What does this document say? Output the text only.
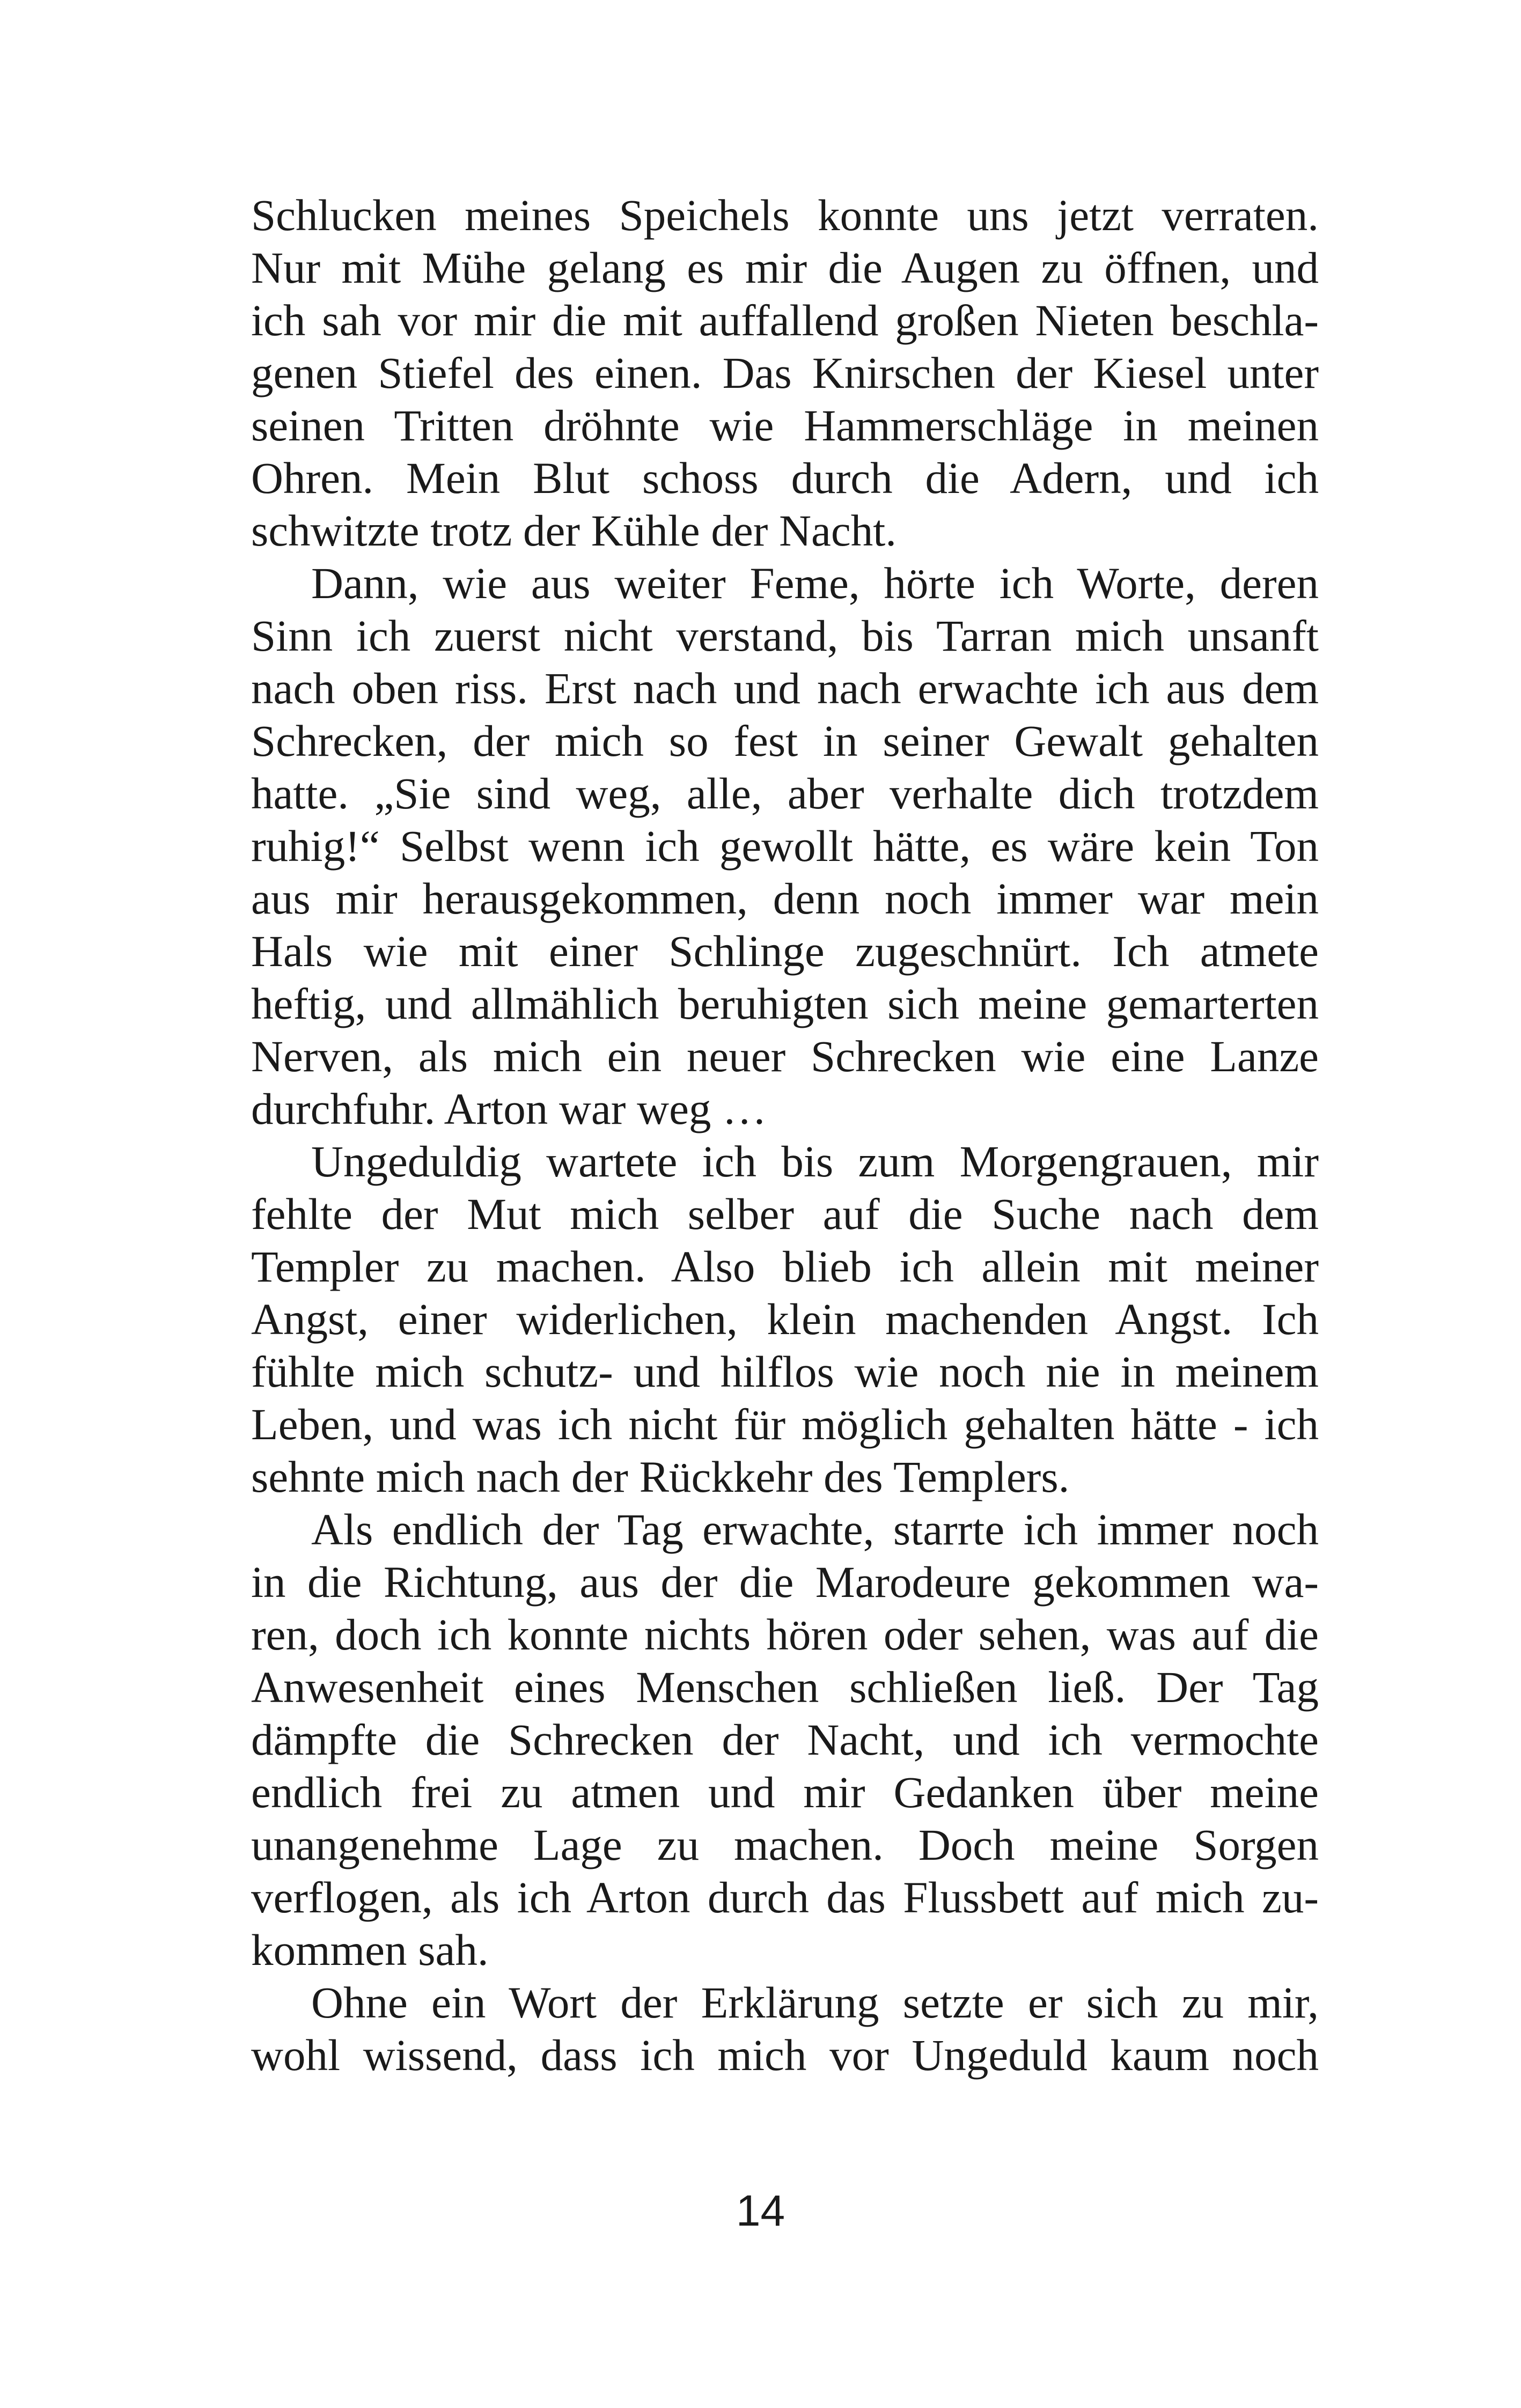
Schlucken meines Speichels konnte uns jetzt verraten.
Nur mit Mühe gelang es mir die Augen zu öffnen, und
ich sah vor mir die mit auffallend großen Nieten beschla-
genen Stiefel des einen. Das Knirschen der Kiesel unter
seinen Tritten dröhnte wie Hammerschläge in meinen
Ohren. Mein Blut schoss durch die Adern, und ich
schwitzte trotz der Kühle der Nacht.
Dann, wie aus weiter Feme, hörte ich Worte, deren
Sinn ich zuerst nicht verstand, bis Tarran mich unsanft
nach oben riss. Erst nach und nach erwachte ich aus dem
Schrecken, der mich so fest in seiner Gewalt gehalten
hatte. „Sie sind weg, alle, aber verhalte dich trotzdem
ruhig!“ Selbst wenn ich gewollt hätte, es wäre kein Ton
aus mir herausgekommen, denn noch immer war mein
Hals wie mit einer Schlinge zugeschnürt. Ich atmete
heftig, und allmählich beruhigten sich meine gemarterten
Nerven, als mich ein neuer Schrecken wie eine Lanze
durchfuhr. Arton war weg …
Ungeduldig wartete ich bis zum Morgengrauen, mir
fehlte der Mut mich selber auf die Suche nach dem
Templer zu machen. Also blieb ich allein mit meiner
Angst, einer widerlichen, klein machenden Angst. Ich
fühlte mich schutz- und hilflos wie noch nie in meinem
Leben, und was ich nicht für möglich gehalten hätte - ich
sehnte mich nach der Rückkehr des Templers.
Als endlich der Tag erwachte, starrte ich immer noch
in die Richtung, aus der die Marodeure gekommen wa-
ren, doch ich konnte nichts hören oder sehen, was auf die
Anwesenheit eines Menschen schließen ließ. Der Tag
dämpfte die Schrecken der Nacht, und ich vermochte
endlich frei zu atmen und mir Gedanken über meine
unangenehme Lage zu machen. Doch meine Sorgen
verflogen, als ich Arton durch das Flussbett auf mich zu-
kommen sah.
Ohne ein Wort der Erklärung setzte er sich zu mir,
wohl wissend, dass ich mich vor Ungeduld kaum noch
14
